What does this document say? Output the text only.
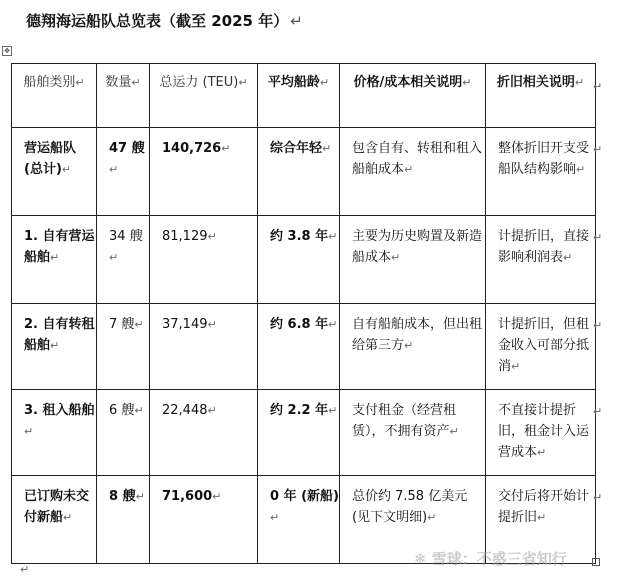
德翔海运船队总览表（截至 2025 年） ↵
✥
船舶类别↵	数量↵	总运力 (TEU)↵	平均船龄↵	价格/成本相关说明↵	折旧相关说明↵
营运船队 (总计)↵	47 艘↵	140,726↵	综合年轻↵	包含自有、转租和租入船舶成本↵	整体折旧开支受船队结构影响↵
1. 自有营运船舶↵	34 艘↵	81,129↵	约 3.8 年↵	主要为历史购置及新造船成本↵	计提折旧，直接影响利润表↵
2. 自有转租船舶↵	7 艘↵	37,149↵	约 6.8 年↵	自有船舶成本，但出租给第三方↵	计提折旧，但租金收入可部分抵消↵
3. 租入船舶↵	6 艘↵	22,448↵	约 2.2 年↵	支付租金（经营租赁），不拥有资产↵	不直接计提折旧，租金计入运营成本↵
已订购未交付新船↵	8 艘↵	71,600↵	0 年 (新船)↵	总价约 7.58 亿美元 (见下文明细)↵	交付后将开始计提折旧↵
↵
↵
↵
↵
↵
↵
↵
❄ 雪球：不惑三省知行
